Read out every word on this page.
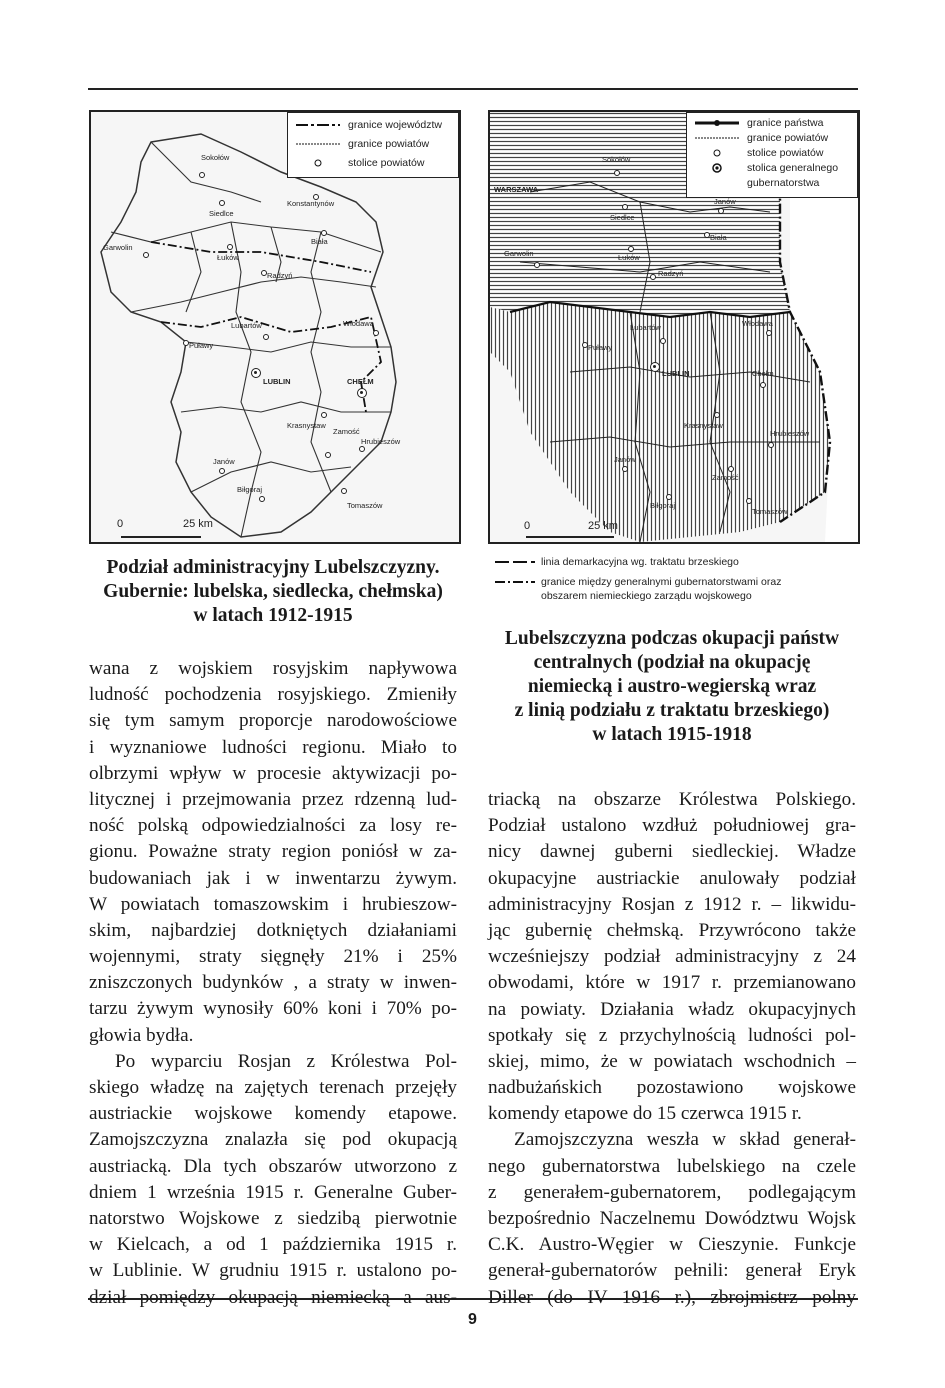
granice województw
granice powiatów
stolice powiatów
Sokołów
Siedlce
Konstantynów
Biała
Garwolin
Łuków
Radzyń
Włodawa
Puławy
Lubartów
LUBLIN	CHEŁM
Krasnystaw
Hrubieszów
Janów
Zamość
Biłgoraj
Tomaszów
0	25 km
Podział administracyjny Lubelszczyzny.
Gubernie: lubelska, siedlecka, chełmska)
w latach 1912-1915
granice państwa
granice powiatów
stolice powiatów
stolica generalnego
gubernatorstwa
WARSZAWA
Sokołów
Siedlce
Janów
Biała
Garwolin	Łuków
Radzyń
Włodawa
Lubartów
Puławy
LUBLIN	Chełm
Krasnystaw
Hrubieszów
Janów
Zamość
Biłgoraj
Tomaszów
0	25 km
linia demarkacyjna wg. traktatu brzeskiego
granice między generalnymi gubernatorstwami oraz
obszarem niemieckiego zarządu wojskowego
Lubelszczyzna podczas okupacji państw
centralnych (podział na okupację
niemiecką i austro-wegierską wraz
z linią podziału z traktatu brzeskiego)
w latach 1915-1918
wana z wojskiem rosyjskim napływowa
ludność pochodzenia rosyjskiego. Zmieniły
się tym samym proporcje narodowościowe
i wyznaniowe ludności regionu. Miało to
olbrzymi wpływ w procesie aktywizacji po-
litycznej i przejmowania przez rdzenną lud-
ność polską odpowiedzialności za losy re-
gionu. Poważne straty region poniósł w za-
budowaniach jak i w inwentarzu żywym.
W powiatach tomaszowskim i hrubieszow-
skim, najbardziej dotkniętych działaniami
wojennymi, straty sięgnęły 21% i 25%
zniszczonych budynków , a straty w inwen-
tarzu żywym wynosiły 60% koni i 70% po-
głowia bydła.
Po wyparciu Rosjan z Królestwa Pol-
skiego władzę na zajętych terenach przejęły
austriackie wojskowe komendy etapowe.
Zamojszczyzna znalazła się pod okupacją
austriacką. Dla tych obszarów utworzono z
dniem 1 września 1915 r. Generalne Guber-
natorstwo Wojskowe z siedzibą pierwotnie
w Kielcach, a od 1 października 1915 r.
w Lublinie. W grudniu 1915 r. ustalono po-
dział pomiędzy okupacją niemiecką a aus-
triacką na obszarze Królestwa Polskiego.
Podział ustalono wzdłuż południowej gra-
nicy dawnej guberni siedleckiej. Władze
okupacyjne austriackie anulowały podział
administracyjny Rosjan z 1912 r. – likwidu-
jąc gubernię chełmską. Przywrócono także
wcześniejszy podział administracyjny z 24
obwodami, które w 1917 r. przemianowano
na powiaty. Działania władz okupacyjnych
spotkały się z przychylnością ludności pol-
skiej, mimo, że w powiatach wschodnich –
nadbużańskich pozostawiono wojskowe
komendy etapowe do 15 czerwca 1915 r.
Zamojszczyzna weszła w skład generał-
nego gubernatorstwa lubelskiego na czele
z generałem-gubernatorem, podlegającym
bezpośrednio Naczelnemu Dowództwu Wojsk
C.K. Austro-Węgier w Cieszynie. Funkcje
generał-gubernatorów pełnili: generał Eryk
Diller (do IV 1916 r.), zbrojmistrz polny
9
